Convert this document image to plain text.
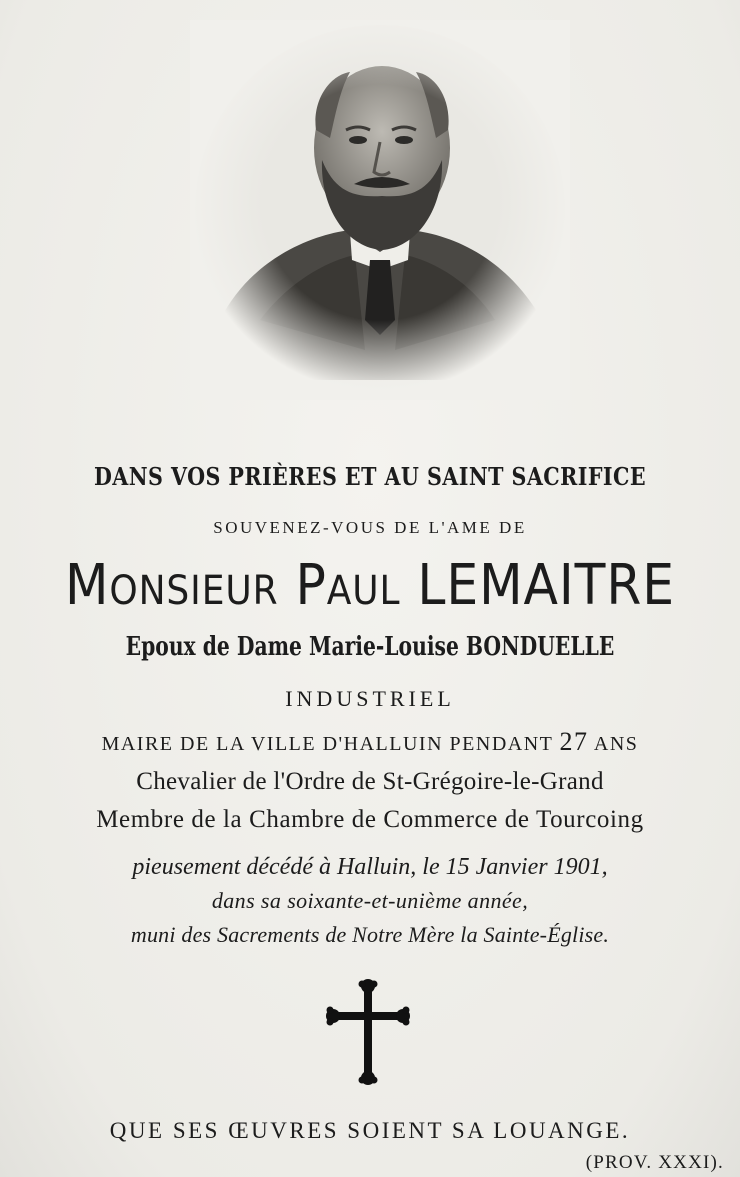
DANS VOS PRIÈRES ET AU SAINT SACRIFICE
SOUVENEZ-VOUS DE L'AME DE
MONSIEUR PAUL LEMAITRE
Epoux de Dame Marie-Louise BONDUELLE
INDUSTRIEL
MAIRE DE LA VILLE D'HALLUIN PENDANT 27 ANS
Chevalier de l'Ordre de St-Grégoire-le-Grand
Membre de la Chambre de Commerce de Tourcoing
pieusement décédé à Halluin, le 15 Janvier 1901,
dans sa soixante-et-unième année,
muni des Sacrements de Notre Mère la Sainte-Église.
QUE SES ŒUVRES SOIENT SA LOUANGE.
(PROV. XXXI).
